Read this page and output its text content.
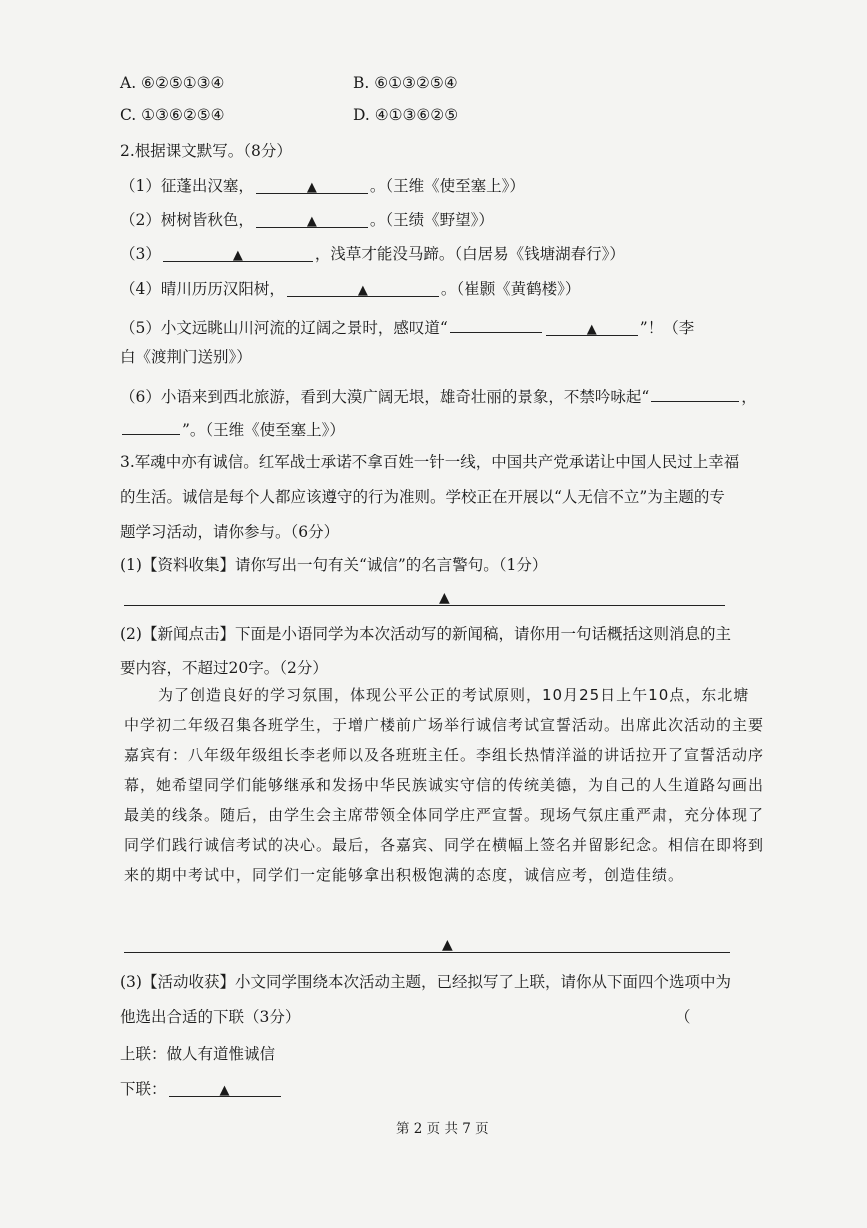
A. ⑥②⑤①③④	B. ⑥①③②⑤④
C. ①③⑥②⑤④	D. ④①③⑥②⑤
2.根据课文默写。（8分）
（1）征蓬出汉塞，	▲	。（王维《使至塞上》）
（2）树树皆秋色，	▲	。（王绩《野望》）
（3）	▲	，浅草才能没马蹄。（白居易《钱塘湖春行》）
（4）晴川历历汉阳树，	▲	。（崔颢《黄鹤楼》）
（5）小文远眺山川河流的辽阔之景时，感叹道“	▲	”！（李
白《渡荆门送别》）
（6）小语来到西北旅游，看到大漠广阔无垠，雄奇壮丽的景象，不禁吟咏起“	，
”。（王维《使至塞上》）
3.军魂中亦有诚信。红军战士承诺不拿百姓一针一线，中国共产党承诺让中国人民过上幸福
的生活。诚信是每个人都应该遵守的行为准则。学校正在开展以“人无信不立”为主题的专
题学习活动，请你参与。（6分）
(1)【资料收集】请你写出一句有关“诚信”的名言警句。（1分）
▲
(2)【新闻点击】下面是小语同学为本次活动写的新闻稿，请你用一句话概括这则消息的主
要内容，不超过20字。（2分）

为了创造良好的学习氛围，体现公平公正的考试原则，10月25日上午10点，东北塘

中学初二年级召集各班学生，于增广楼前广场举行诚信考试宣誓活动。出席此次活动的主要

嘉宾有：八年级年级组长李老师以及各班班主任。李组长热情洋溢的讲话拉开了宣誓活动序

幕，她希望同学们能够继承和发扬中华民族诚实守信的传统美德，为自己的人生道路勾画出

最美的线条。随后，由学生会主席带领全体同学庄严宣誓。现场气氛庄重严肃，充分体现了

同学们践行诚信考试的决心。最后，各嘉宾、同学在横幅上签名并留影纪念。相信在即将到

来的期中考试中，同学们一定能够拿出积极饱满的态度，诚信应考，创造佳绩。

▲
(3)【活动收获】小文同学围绕本次活动主题，已经拟写了上联，请你从下面四个选项中为
他选出合适的下联（3分）	（
上联：做人有道惟诚信
下联：	▲
第 2 页 共 7 页
